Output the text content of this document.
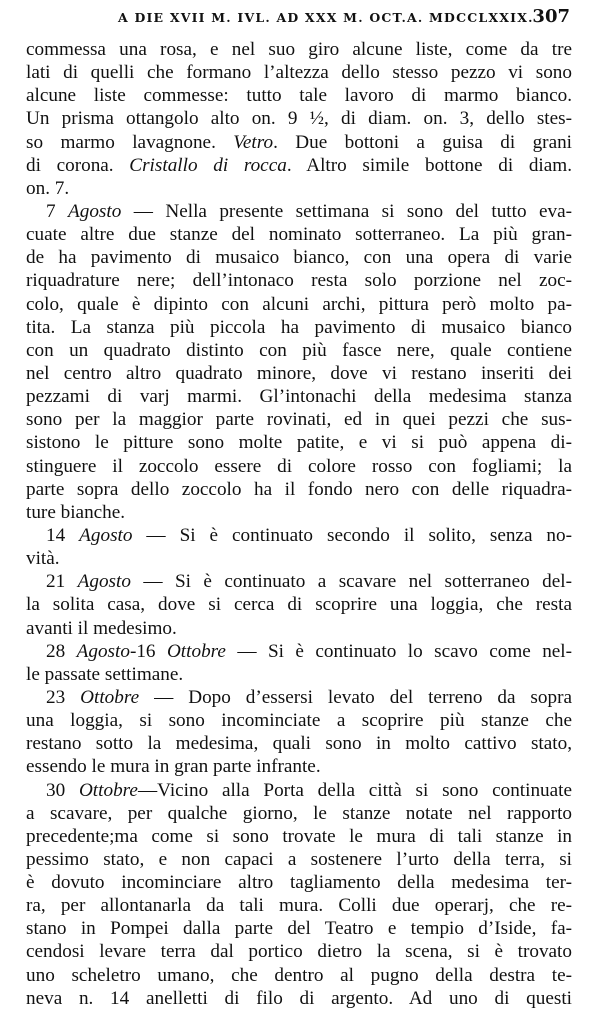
A DIE XVII M. IVL. AD XXX M. OCT.A. MDCCLXXIX.
307
commessa una rosa, e nel suo giro alcune liste, come da tre
lati di quelli che formano l’altezza dello stesso pezzo vi sono
alcune liste commesse: tutto tale lavoro di marmo bianco.
Un prisma ottangolo alto on. 9 ½, di diam. on. 3, dello stes-
so marmo lavagnone. Vetro. Due bottoni a guisa di grani
di corona. Cristallo di rocca. Altro simile bottone di diam.
on. 7.
7 Agosto — Nella presente settimana si sono del tutto eva-
cuate altre due stanze del nominato sotterraneo. La più gran-
de ha pavimento di musaico bianco, con una opera di varie
riquadrature nere; dell’intonaco resta solo porzione nel zoc-
colo, quale è dipinto con alcuni archi, pittura però molto pa-
tita. La stanza più piccola ha pavimento di musaico bianco
con un quadrato distinto con più fasce nere, quale contiene
nel centro altro quadrato minore, dove vi restano inseriti dei
pezzami di varj marmi. Gl’intonachi della medesima stanza
sono per la maggior parte rovinati, ed in quei pezzi che sus-
sistono le pitture sono molte patite, e vi si può appena di-
stinguere il zoccolo essere di colore rosso con fogliami; la
parte sopra dello zoccolo ha il fondo nero con delle riquadra-
ture bianche.
14 Agosto — Si è continuato secondo il solito, senza no-
vità.
21 Agosto — Si è continuato a scavare nel sotterraneo del-
la solita casa, dove si cerca di scoprire una loggia, che resta
avanti il medesimo.
28 Agosto-16 Ottobre — Si è continuato lo scavo come nel-
le passate settimane.
23 Ottobre — Dopo d’essersi levato del terreno da sopra
una loggia, si sono incominciate a scoprire più stanze che
restano sotto la medesima, quali sono in molto cattivo stato,
essendo le mura in gran parte infrante.
30 Ottobre—Vicino alla Porta della città si sono continuate
a scavare, per qualche giorno, le stanze notate nel rapporto
precedente;ma come si sono trovate le mura di tali stanze in
pessimo stato, e non capaci a sostenere l’urto della terra, si
è dovuto incominciare altro tagliamento della medesima ter-
ra, per allontanarla da tali mura. Colli due operarj, che re-
stano in Pompei dalla parte del Teatro e tempio d’Iside, fa-
cendosi levare terra dal portico dietro la scena, si è trovato
uno scheletro umano, che dentro al pugno della destra te-
neva n. 14 anelletti di filo di argento. Ad uno di questi
